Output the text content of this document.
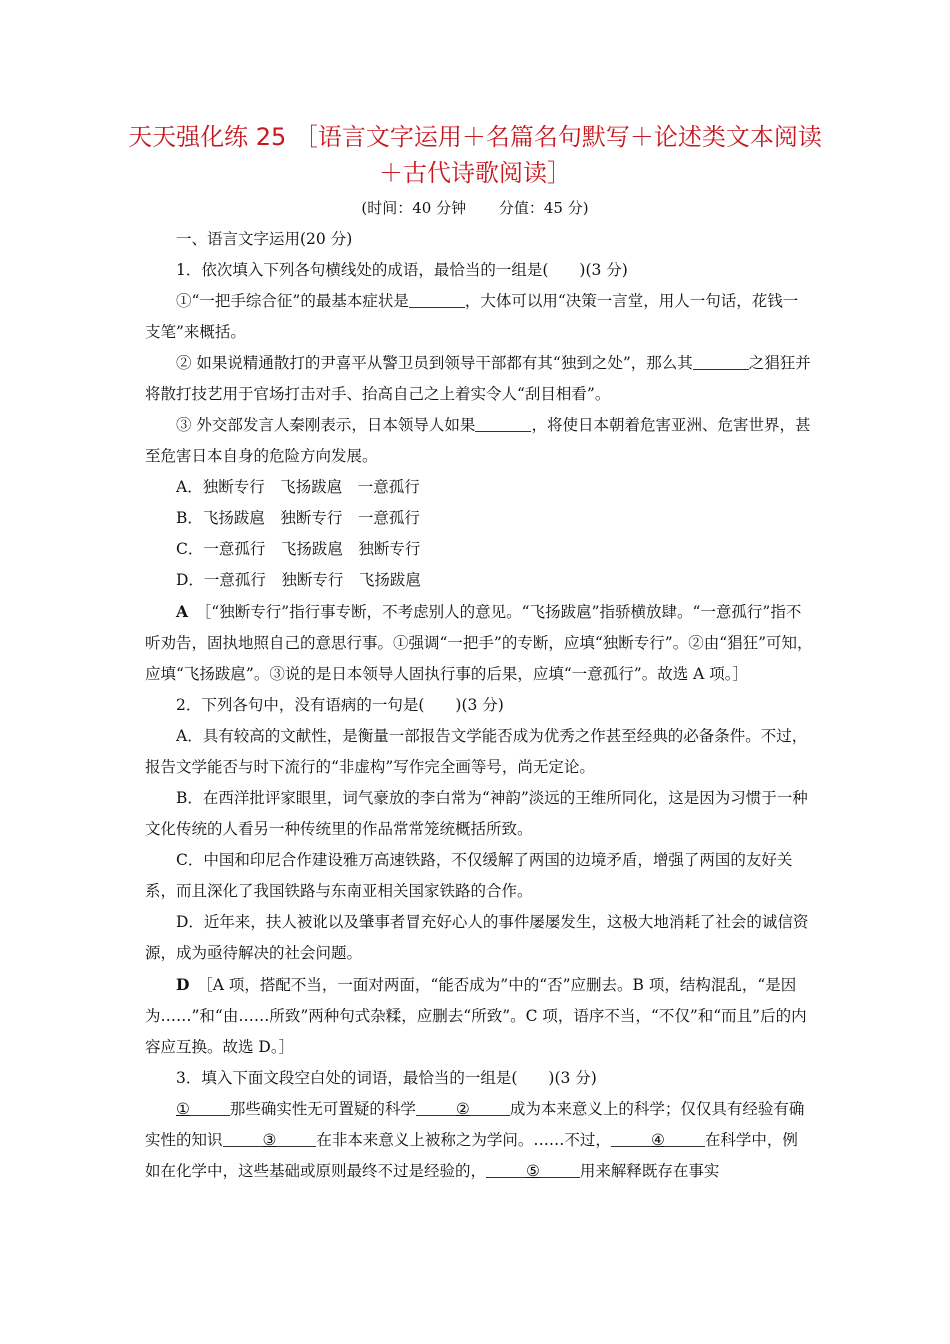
天天强化练 25 ［语言文字运用＋名篇名句默写＋论述类文本阅读
＋古代诗歌阅读］
(时间：40 分钟 分值：45 分)

一、语言文字运用(20 分)

1．依次填入下列各句横线处的成语，最恰当的一组是(　　)(3 分)

①“一把手综合征”的最基本症状是	，大体可以用“决策一言堂，用人一句话，花钱一支笔”来概括。

② 如果说精通散打的尹喜平从警卫员到领导干部都有其“独到之处”，那么其	之猖狂并将散打技艺用于官场打击对手、抬高自己之上着实令人“刮目相看”。

③ 外交部发言人秦刚表示，日本领导人如果	，将使日本朝着危害亚洲、危害世界，甚至危害日本自身的危险方向发展。

A．独断专行　飞扬跋扈　一意孤行

B．飞扬跋扈　独断专行　一意孤行

C．一意孤行　飞扬跋扈　独断专行

D．一意孤行　独断专行　飞扬跋扈

A　 ［“独断专行”指行事专断，不考虑别人的意见。“飞扬跋扈”指骄横放肆。“一意孤行”指不听劝告，固执地照自己的意思行事。①强调“一把手”的专断，应填“独断专行”。②由“猖狂”可知，应填“飞扬跋扈”。③说的是日本领导人固执行事的后果，应填“一意孤行”。故选 A 项。］

2．下列各句中，没有语病的一句是(　　)(3 分)

A．具有较高的文献性，是衡量一部报告文学能否成为优秀之作甚至经典的必备条件。不过，报告文学能否与时下流行的“非虚构”写作完全画等号，尚无定论。

B．在西洋批评家眼里，词气豪放的李白常为“神韵”淡远的王维所同化，这是因为习惯于一种文化传统的人看另一种传统里的作品常常笼统概括所致。

C．中国和印尼合作建设雅万高速铁路，不仅缓解了两国的边境矛盾，增强了两国的友好关系，而且深化了我国铁路与东南亚相关国家铁路的合作。

D．近年来，扶人被讹以及肇事者冒充好心人的事件屡屡发生，这极大地消耗了社会的诚信资源，成为亟待解决的社会问题。

D　 ［A 项，搭配不当，一面对两面，“能否成为”中的“否”应删去。B 项，结构混乱，“是因为……”和“由……所致”两种句式杂糅，应删去“所致”。C 项，语序不当，“不仅”和“而且”后的内容应互换。故选 D。］

3．填入下面文段空白处的词语，最恰当的一组是(　　)(3 分)

①	那些确实性无可置疑的科学	②	成为本来意义上的科学；仅仅具有经验有确实性的知识	③	在非本来意义上被称之为学问。……不过，	④	在科学中，例如在化学中，这些基础或原则最终不过是经验的，	⑤	用来解释既存在事实
